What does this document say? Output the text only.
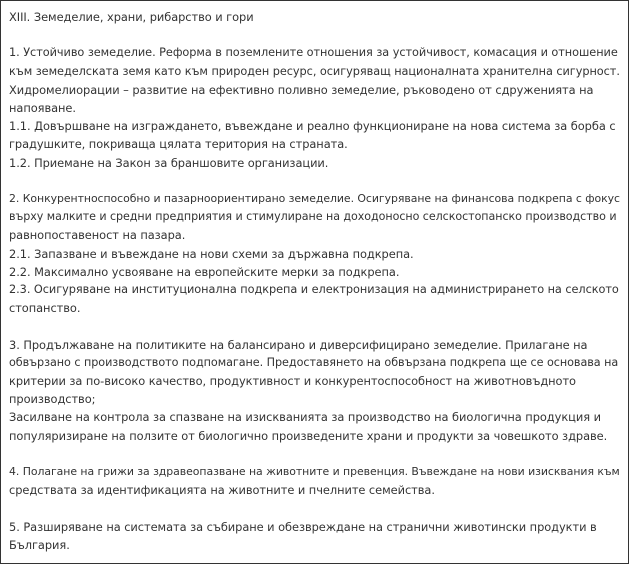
XIII. Земеделие, храни, рибарство и гори
1. Устойчиво земеделие. Реформа в поземлените отношения за устойчивост, комасация и отношение
към земеделската земя като към природен ресурс, осигуряващ националната хранителна сигурност.
Хидромелиорации – развитие на ефективно поливно земеделие, ръководено от сдруженията на
напояване.
1.1. Довършване на изграждането, въвеждане и реално функциониране на нова система за борба с
градушките, покриваща цялата територия на страната.
1.2. Приемане на Закон за браншовите организации.
2. Конкурентноспособно и пазарноориентирано земеделие. Осигуряване на финансова подкрепа с фокус
върху малките и средни предприятия и стимулиране на доходоносно селскостопанско производство и
равнопоставеност на пазара.
2.1. Запазване и въвеждане на нови схеми за държавна подкрепа.
2.2. Максимално усвояване на европейските мерки за подкрепа.
2.3. Осигуряване на институционална подкрепа и електронизация на администрирането на селското
стопанство.
3. Продължаване на политиките на балансирано и диверсифицирано земеделие. Прилагане на
обвързано с производството подпомагане. Предоставянето на обвързана подкрепа ще се основава на
критерии за по-високо качество, продуктивност и конкурентоспособност на животновъдното
производство;
Засилване на контрола за спазване на изискванията за производство на биологична продукция и
популяризиране на ползите от биологично произведените храни и продукти за човешкото здраве.
4. Полагане на грижи за здравеопазване на животните и превенция. Въвеждане на нови изисквания към
средствата за идентификацията на животните и пчелните семейства.
5. Разширяване на системата за събиране и обезвреждане на странични животински продукти в
България.
